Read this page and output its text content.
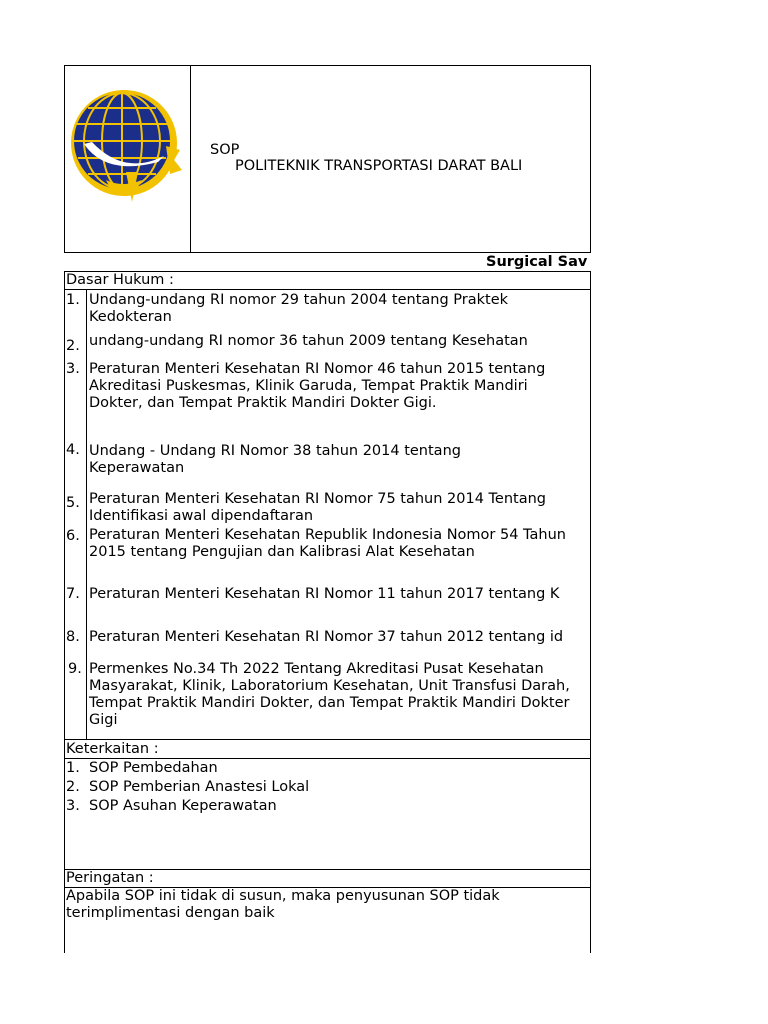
SOP
POLITEKNIK TRANSPORTASI DARAT BALI
Surgical Sav
Dasar Hukum :
1. Undang-undang RI nomor 29 tahun 2004 tentang Praktek Kedokteran
2. undang-undang RI nomor 36 tahun 2009 tentang Kesehatan
3. Peraturan Menteri Kesehatan RI Nomor 46 tahun 2015 tentang Akreditasi Puskesmas, Klinik Garuda, Tempat Praktik Mandiri Dokter, dan Tempat Praktik Mandiri Dokter Gigi.
4. Undang - Undang RI Nomor 38 tahun 2014 tentang Keperawatan
5. Peraturan Menteri Kesehatan RI Nomor 75 tahun 2014 Tentang Identifikasi awal dipendaftaran
6. Peraturan Menteri Kesehatan Republik Indonesia Nomor 54 Tahun 2015 tentang Pengujian dan Kalibrasi Alat Kesehatan
7. Peraturan Menteri Kesehatan RI Nomor 11 tahun 2017 tentang K
8. Peraturan Menteri Kesehatan RI Nomor 37 tahun 2012 tentang id
9. Permenkes No.34 Th 2022 Tentang Akreditasi Pusat Kesehatan Masyarakat, Klinik, Laboratorium Kesehatan, Unit Transfusi Darah, Tempat Praktik Mandiri Dokter, dan Tempat Praktik Mandiri Dokter Gigi
Keterkaitan :
1. SOP Pembedahan
2. SOP Pemberian Anastesi Lokal
3. SOP Asuhan Keperawatan
Peringatan :
Apabila SOP ini tidak di susun, maka penyusunan SOP tidak terimplimentasi dengan baik
